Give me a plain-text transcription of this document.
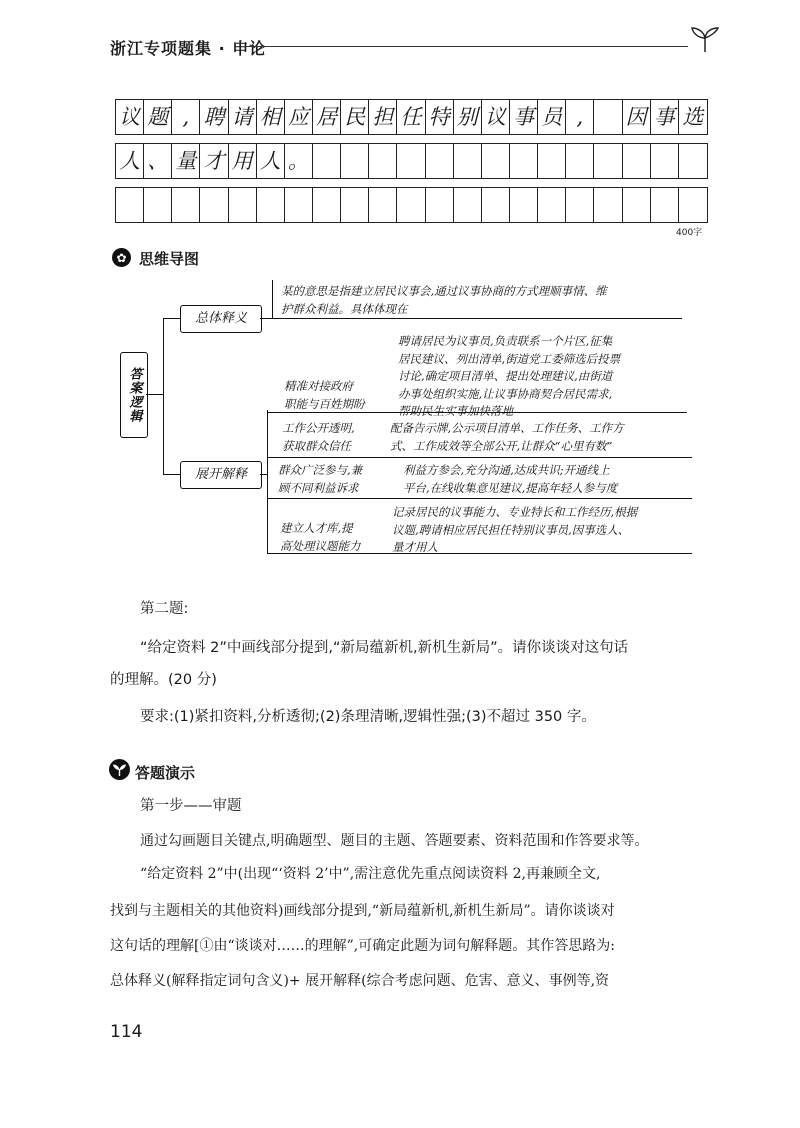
浙江专项题集 · 申论
议 题 , 聘 请 相 应 居 民 担 任 特 别 议 事 员 ,	因 事 选
人 、 量 才 用 人 。
400字
✿ 思维导图
答案逻辑
总体释义
某的意思是指建立居民议事会,通过议事协商的方式理顺事情、维
护群众利益。具体体现在
展开解释
精准对接政府
职能与百姓期盼
聘请居民为议事员,负责联系一个片区,征集
居民建议、列出清单,街道党工委筛选后投票
讨论,确定项目清单、提出处理建议,由街道
办事处组织实施,让议事协商契合居民需求,
帮助民生实事加快落地
工作公开透明,
获取群众信任
配备告示牌,公示项目清单、工作任务、工作方
式、工作成效等全部公开,让群众“心里有数”
群众广泛参与,兼
顾不同利益诉求
利益方参会,充分沟通,达成共识;开通线上
平台,在线收集意见建议,提高年轻人参与度
建立人才库,提
高处理议题能力
记录居民的议事能力、专业特长和工作经历,根据
议题,聘请相应居民担任特别议事员,因事选人、
量才用人
第二题:
“给定资料 2”中画线部分提到,“新局蕴新机,新机生新局”。请你谈谈对这句话
的理解。(20 分)
要求:(1)紧扣资料,分析透彻;(2)条理清晰,逻辑性强;(3)不超过 350 字。
答题演示
第一步——审题
通过勾画题目关键点,明确题型、题目的主题、答题要素、资料范围和作答要求等。
“给定资料 2”中(出现“‘资料 2’中”,需注意优先重点阅读资料 2,再兼顾全文,
找到与主题相关的其他资料)画线部分提到,“新局蕴新机,新机生新局”。请你谈谈对
这句话的理解[①由“谈谈对……的理解”,可确定此题为词句解释题。其作答思路为:
总体释义(解释指定词句含义)+ 展开解释(综合考虑问题、危害、意义、事例等,资
114
